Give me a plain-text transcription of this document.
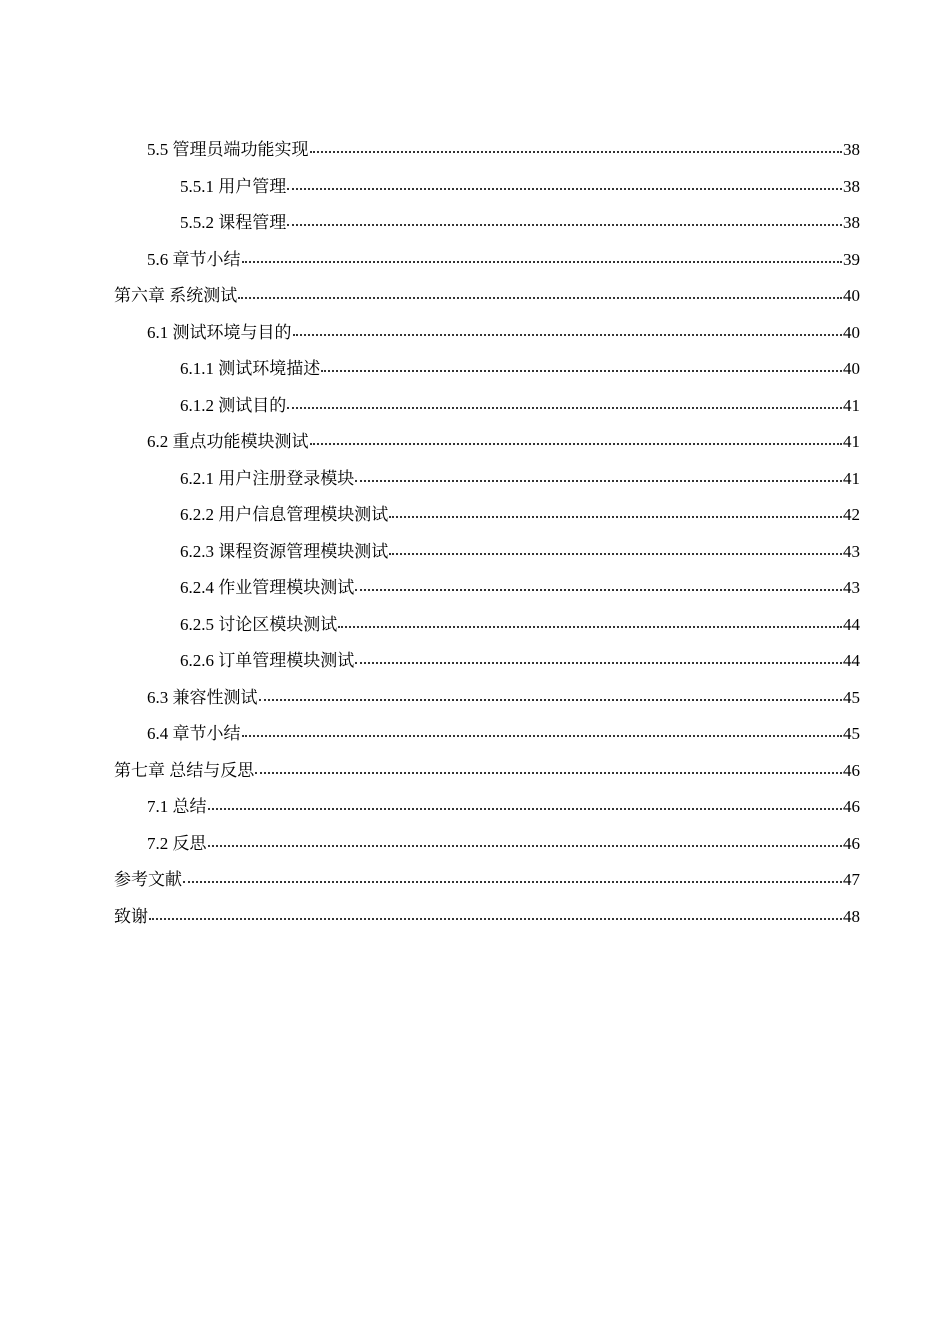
5.5 管理员端功能实现	38
5.5.1 用户管理	38
5.5.2 课程管理	38
5.6 章节小结	39
第六章 系统测试	40
6.1 测试环境与目的	40
6.1.1 测试环境描述	40
6.1.2 测试目的	41
6.2 重点功能模块测试	41
6.2.1 用户注册登录模块	41
6.2.2 用户信息管理模块测试	42
6.2.3 课程资源管理模块测试	43
6.2.4 作业管理模块测试	43
6.2.5 讨论区模块测试	44
6.2.6 订单管理模块测试	44
6.3 兼容性测试	45
6.4 章节小结	45
第七章 总结与反思	46
7.1 总结	46
7.2 反思	46
参考文献	47
致谢	48
